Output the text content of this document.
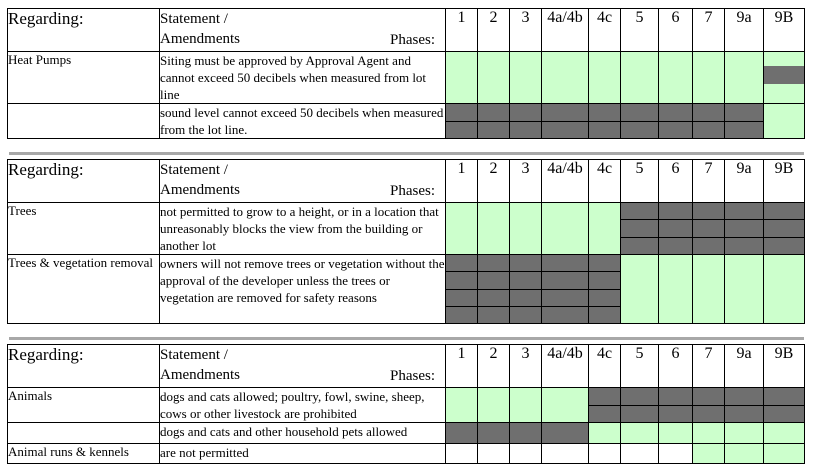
Regarding:	Statement /
Amendments Phases:	1	2	3	4a/4b	4c	5	6	7	9a	9B
Heat Pumps	Siting must be approved by Approval Agent and cannot exceed 50 decibels when measured from lot line	

	sound level cannot exceed 50 decibels when measured from the lot line.	

Regarding:	Statement /
Amendments Phases:	1	2	3	4a/4b	4c	5	6	7	9a	9B
Trees	not permitted to grow to a height, or in a location that unreasonably blocks the view from the building or another lot	

Trees & vegetation removal	owners will not remove trees or vegetation without the approval of the developer unless the trees or vegetation are removed for safety reasons	

Regarding:	Statement /
Amendments Phases:	1	2	3	4a/4b	4c	5	6	7	9a	9B
Animals	dogs and cats allowed; poultry, fowl, swine, sheep, cows or other livestock are prohibited	

	dogs and cats and other household pets allowed	

Animal runs & kennels	are not permitted	
